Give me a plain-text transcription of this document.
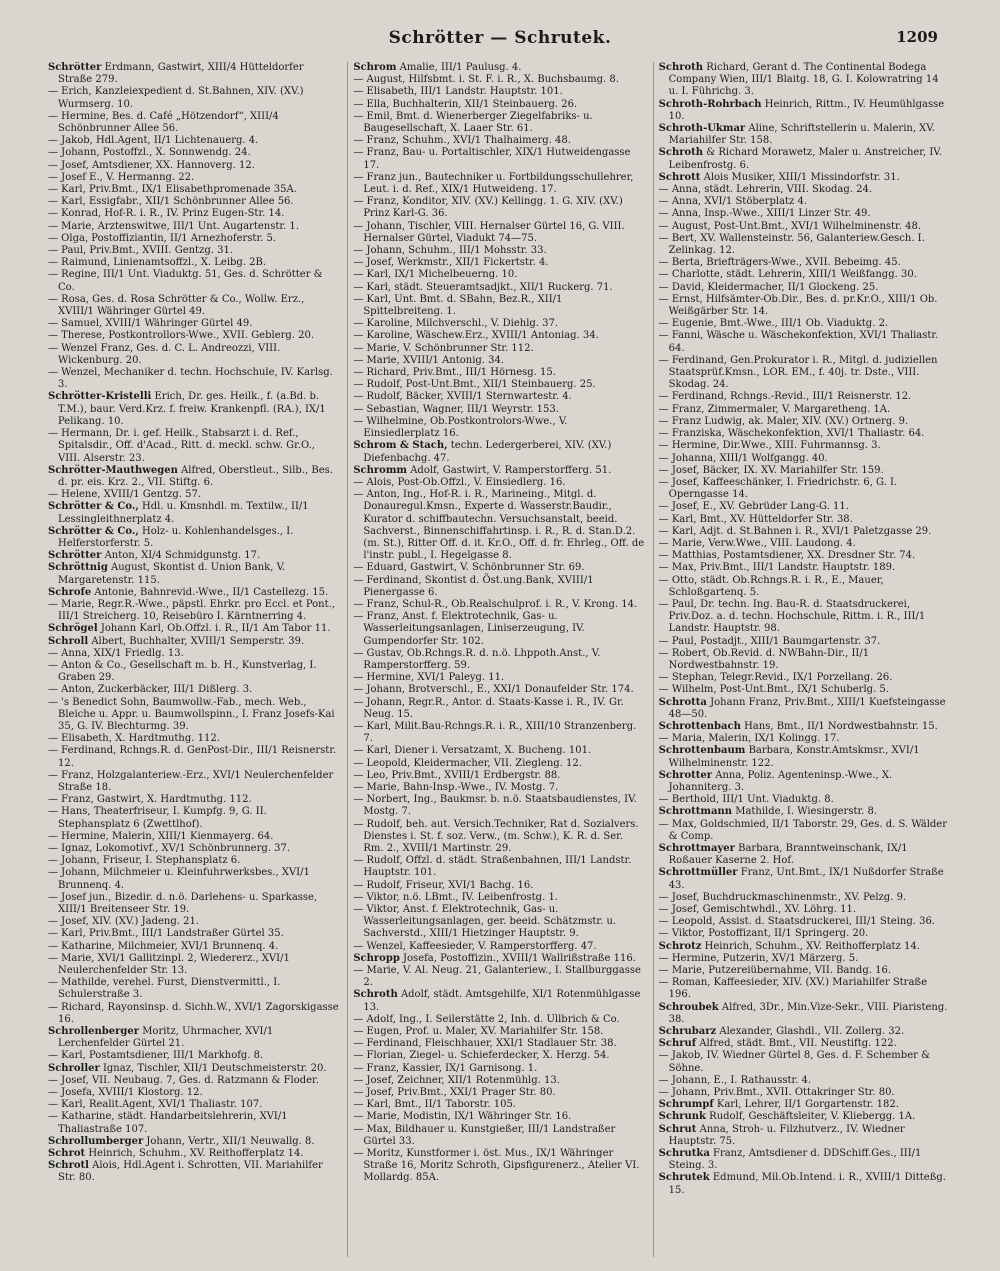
Schrötter — Schrutek.	1209

Schrötter Erdmann, Gastwirt, XIII/4 Hütteldorfer Straße 279.

— Erich, Kanzleiexpedient d. St.Bahnen, XIV. (XV.) Wurmserg. 10.

— Hermine, Bes. d. Café „Hötzendorf“, XIII/4 Schönbrunner Allee 56.

— Jakob, Hdl.Agent, II/1 Lichtenauerg. 4.

— Johann, Postoffzl., X. Sonnwendg. 24.

— Josef, Amtsdiener, XX. Hannoverg. 12.

— Josef E., V. Hermanng. 22.

— Karl, Priv.Bmt., IX/1 Elisabethpromenade 35A.

— Karl, Essigfabr., XII/1 Schönbrunner Allee 56.

— Konrad, Hof-R. i. R., IV. Prinz Eugen-Str. 14.

— Marie, Arztenswitwe, III/1 Unt. Augartenstr. 1.

— Olga, Postoffiziantin, II/1 Arnezhoferstr. 5.

— Paul, Priv.Bmt., XVIII. Gentzg. 31.

— Raimund, Linienamtsoffzl., X. Leibg. 2B.

— Regine, III/1 Unt. Viaduktg. 51, Ges. d. Schrötter & Co.

— Rosa, Ges. d. Rosa Schrötter & Co., Wollw. Erz., XVIII/1 Währinger Gürtel 49.

— Samuel, XVIII/1 Währinger Gürtel 49.

— Therese, Postkontrollors-Wwe., XVII. Geblerg. 20.

— Wenzel Franz, Ges. d. C. L. Andreozzi, VIII. Wickenburg. 20.

— Wenzel, Mechaniker d. techn. Hochschule, IV. Karlsg. 3.

Schrötter-Kristelli Erich, Dr. ges. Heilk., f. (a.Bd. b. T.M.), baur. Verd.Krz. f. freiw. Krankenpfl. (RA.), IX/1 Pelikang. 10.

— Hermann, Dr. i. gef. Heilk., Stabsarzt i. d. Ref., Spitalsdir., Off. d'Acad., Ritt. d. meckl. schw. Gr.O., VIII. Alserstr. 23.

Schrötter-Mauthwegen Alfred, Oberstleut., Silb., Bes. d. pr. eis. Krz. 2., VII. Stiftg. 6.

— Helene, XVIII/1 Gentzg. 57.

Schrötter & Co., Hdl. u. Kmsnhdl. m. Textilw., II/1 Lessingleithnerplatz 4.

Schrötter & Co., Holz- u. Kohlenhandelsges., I. Helferstorferstr. 5.

Schrötter Anton, XI/4 Schmidgunstg. 17.

Schröttnig August, Skontist d. Union Bank, V. Margaretenstr. 115.

Schrofe Antonie, Bahnrevid.-Wwe., II/1 Castellezg. 15.

— Marie, Regr.R.-Wwe., päpstl. Ehrkr. pro Eccl. et Pont., III/1 Streicherg. 10, Reisebüro I. Kärntnerring 4.

Schrögel Johann Karl, Ob.Offzl. i. R., II/1 Am Tabor 11.

Schroll Albert, Buchhalter, XVIII/1 Semperstr. 39.

— Anna, XIX/1 Friedlg. 13.

— Anton & Co., Gesellschaft m. b. H., Kunstverlag, I. Graben 29.

— Anton, Zuckerbäcker, III/1 Dißlerg. 3.

— 's Benedict Sohn, Baumwollw.-Fab., mech. Web., Bleiche u. Appr. u. Baumwollspinn., I. Franz Josefs-Kai 35, G. IV. Blechturmg. 39.

— Elisabeth, X. Hardtmuthg. 112.

— Ferdinand, Rchngs.R. d. GenPost-Dir., III/1 Reisnerstr. 12.

— Franz, Holzgalanteriew.-Erz., XVI/1 Neulerchenfelder Straße 18.

— Franz, Gastwirt, X. Hardtmuthg. 112.

— Hans, Theaterfriseur, I. Kumpfg. 9, G. II. Stephansplatz 6 (Zwettlhof).

— Hermine, Malerin, XIII/1 Kienmayerg. 64.

— Ignaz, Lokomotivf., XV/1 Schönbrunnerg. 37.

— Johann, Friseur, I. Stephansplatz 6.

— Johann, Milchmeier u. Kleinfuhrwerksbes., XVI/1 Brunnenq. 4.

— Josef jun., Bizedir. d. n.ö. Darlehens- u. Sparkasse, XIII/1 Breitenseer Str. 19.

— Josef, XIV. (XV.) Jadeng. 21.

— Karl, Priv.Bmt., III/1 Landstraßer Gürtel 35.

— Katharine, Milchmeier, XVI/1 Brunnenq. 4.

— Marie, XVI/1 Gallitzinpl. 2, Wiedererz., XVI/1 Neulerchenfelder Str. 13.

— Mathilde, verehel. Furst, Dienstvermittl., I. Schulerstraße 3.

— Richard, Rayonsinsp. d. Sichh.W., XVI/1 Zagorskigasse 16.

Schrollenberger Moritz, Uhrmacher, XVI/1 Lerchenfelder Gürtel 21.

— Karl, Postamtsdiener, III/1 Markhofg. 8.

Schroller Ignaz, Tischler, XII/1 Deutschmeisterstr. 20.

— Josef, VII. Neubaug. 7, Ges. d. Ratzmann & Floder.

— Josefa, XVIII/1 Klostorg. 12.

— Karl, Realit.Agent, XVI/1 Thaliastr. 107.

— Katharine, städt. Handarbeitslehrerin, XVI/1 Thaliastraße 107.

Schrollumberger Johann, Vertr., XII/1 Neuwallg. 8.

Schrot Heinrich, Schuhm., XV. Reithofferplatz 14.

Schrotl Alois, Hdl.Agent i. Schrotten, VII. Mariahilfer Str. 80.

Schrom Amalie, III/1 Paulusg. 4.

— August, Hilfsbmt. i. St. F. i. R., X. Buchsbaumg. 8.

— Elisabeth, III/1 Landstr. Hauptstr. 101.

— Ella, Buchhalterin, XII/1 Steinbauerg. 26.

— Emil, Bmt. d. Wienerberger Ziegelfabriks- u. Baugesellschaft, X. Laaer Str. 61.

— Franz, Schuhm., XVI/1 Thalhaimerg. 48.

— Franz, Bau- u. Portaltischler, XIX/1 Hutweidengasse 17.

— Franz jun., Bautechniker u. Fortbildungsschullehrer, Leut. i. d. Ref., XIX/1 Hutweideng. 17.

— Franz, Konditor, XIV. (XV.) Kellingg. 1. G. XIV. (XV.) Prinz Karl-G. 36.

— Johann, Tischler, VIII. Hernalser Gürtel 16, G. VIII. Hernalser Gürtel, Viadukt 74—75.

— Johann, Schuhm., III/1 Mohsstr. 33.

— Josef, Werkmstr., XII/1 Fickertstr. 4.

— Karl, IX/1 Michelbeuerng. 10.

— Karl, städt. Steueramtsadjkt., XII/1 Ruckerg. 71.

— Karl, Unt. Bmt. d. SBahn, Bez.R., XII/1 Spittelbreiteng. 1.

— Karoline, Milchverschl., V. Diehlg. 37.

— Karoline, Wäschew.Erz., XVIII/1 Antoniag. 34.

— Marie, V. Schönbrunner Str. 112.

— Marie, XVIII/1 Antonig. 34.

— Richard, Priv.Bmt., III/1 Hörnesg. 15.

— Rudolf, Post-Unt.Bmt., XII/1 Steinbauerg. 25.

— Rudolf, Bäcker, XVIII/1 Sternwartestr. 4.

— Sebastian, Wagner, III/1 Weyrstr. 153.

— Wilhelmine, Ob.Postkontrolors-Wwe., V. Einsiedlerplatz 16.

Schrom & Stach, techn. Ledergerberei, XIV. (XV.) Diefenbachg. 47.

Schromm Adolf, Gastwirt, V. Ramperstorfferg. 51.

— Alois, Post-Ob.Offzl., V. Einsiedlerg. 16.

— Anton, Ing., Hof-R. i. R., Marineing., Mitgl. d. Donauregul.Kmsn., Experte d. Wasserstr.Baudir., Kurator d. schiffbautechn. Versuchsanstalt, beeid. Sachverst., Binnenschiffahrtinsp. i. R., R. d. Stan.D.2. (m. St.), Ritter Off. d. it. Kr.O., Off. d. fr. Ehrleg., Off. de l'instr. publ., I. Hegelgasse 8.

— Eduard, Gastwirt, V. Schönbrunner Str. 69.

— Ferdinand, Skontist d. Öst.ung.Bank, XVIII/1 Pienergasse 6.

— Franz, Schul-R., Ob.Realschulprof. i. R., V. Krong. 14.

— Franz, Anst. f. Elektrotechnik, Gas- u. Wasserleitungsanlagen, Liniserzeugung, IV. Gumpendorfer Str. 102.

— Gustav, Ob.Rchngs.R. d. n.ö. Lhppoth.Anst., V. Ramperstorfferg. 59.

— Hermine, XVI/1 Paleyg. 11.

— Johann, Brotverschl., E., XXI/1 Donaufelder Str. 174.

— Johann, Regr.R., Antor. d. Staats-Kasse i. R., IV. Gr. Neug. 15.

— Karl, Milit.Bau-Rchngs.R. i. R., XIII/10 Stranzenberg. 7.

— Karl, Diener i. Versatzamt, X. Bucheng. 101.

— Leopold, Kleidermacher, VII. Ziegleng. 12.

— Leo, Priv.Bmt., XVIII/1 Erdbergstr. 88.

— Marie, Bahn-Insp.-Wwe., IV. Mostg. 7.

— Norbert, Ing., Baukmsr. b. n.ö. Staatsbaudienstes, IV. Mostg. 7.

— Rudolf, beh. aut. Versich.Techniker, Rat d. Sozialvers. Dienstes i. St. f. soz. Verw., (m. Schw.), K. R. d. Ser. Rm. 2., XVIII/1 Martinstr. 29.

— Rudolf, Offzl. d. städt. Straßenbahnen, III/1 Landstr. Hauptstr. 101.

— Rudolf, Friseur, XVI/1 Bachg. 16.

— Viktor, n.ö. LBmt., IV. Leibenfrostg. 1.

— Viktor, Anst. f. Elektrotechnik, Gas- u. Wasserleitungsanlagen, ger. beeid. Schätzmstr. u. Sachverstd., XIII/1 Hietzinger Hauptstr. 9.

— Wenzel, Kaffeesieder, V. Ramperstorfferg. 47.

Schropp Josefa, Postoffizin., XVIII/1 Wallrißstraße 116.

— Marie, V. Al. Neug. 21, Galanteriew., I. Stallburggasse 2.

Schroth Adolf, städt. Amtsgehilfe, XI/1 Rotenmühlgasse 13.

— Adolf, Ing., I. Seilerstätte 2, Inh. d. Ullbrich & Co.

— Eugen, Prof. u. Maler, XV. Mariahilfer Str. 158.

— Ferdinand, Fleischhauer, XXI/1 Stadlauer Str. 38.

— Florian, Ziegel- u. Schieferdecker, X. Herzg. 54.

— Franz, Kassier, IX/1 Garnisong. 1.

— Josef, Zeichner, XII/1 Rotenmühlg. 13.

— Josef, Priv.Bmt., XXI/1 Prager Str. 80.

— Karl, Bmt., II/1 Taborstr. 105.

— Marie, Modistin, IX/1 Währinger Str. 16.

— Max, Bildhauer u. Kunstgießer, III/1 Landstraßer Gürtel 33.

— Moritz, Kunstformer i. öst. Mus., IX/1 Währinger Straße 16, Moritz Schroth, Gipsfigurenerz., Atelier VI. Mollardg. 85A.

Schroth Richard, Gerant d. The Continental Bodega Company Wien, III/1 Blaitg. 18, G. I. Kolowratring 14 u. I. Führichg. 3.

Schroth-Rohrbach Heinrich, Rittm., IV. Heumühlgasse 10.

Schroth-Ukmar Aline, Schriftstellerin u. Malerin, XV. Mariahilfer Str. 158.

Schroth & Richard Morawetz, Maler u. Anstreicher, IV. Leibenfrostg. 6.

Schrott Alois Musiker, XIII/1 Missindorfstr. 31.

— Anna, städt. Lehrerin, VIII. Skodag. 24.

— Anna, XVI/1 Stöberplatz 4.

— Anna, Insp.-Wwe., XIII/1 Linzer Str. 49.

— August, Post-Unt.Bmt., XVI/1 Wilhelminenstr. 48.

— Bert, XV. Wallensteinstr. 56, Galanteriew.Gesch. I. Zelinkag. 12.

— Berta, Briefträgers-Wwe., XVII. Bebeimg. 45.

— Charlotte, städt. Lehrerin, XIII/1 Weißfangg. 30.

— David, Kleidermacher, II/1 Glockeng. 25.

— Ernst, Hilfsämter-Ob.Dir., Bes. d. pr.Kr.O., XIII/1 Ob. Weißgärber Str. 14.

— Eugenie, Bmt.-Wwe., III/1 Ob. Viaduktg. 2.

— Fanni, Wäsche u. Wäschekonfektion, XVI/1 Thaliastr. 64.

— Ferdinand, Gen.Prokurator i. R., Mitgl. d. judiziellen Staatsprüf.Kmsn., LOR. EM., f. 40j. tr. Dste., VIII. Skodag. 24.

— Ferdinand, Rchngs.-Revid., III/1 Reisnerstr. 12.

— Franz, Zimmermaler, V. Margaretheng. 1A.

— Franz Ludwig, ak. Maler, XIV. (XV.) Ortnerg. 9.

— Franziska, Wäschekonfektion, XVI/1 Thaliastr. 64.

— Hermine, Dir.Wwe., XIII. Fuhrmannsg. 3.

— Johanna, XIII/1 Wolfgangg. 40.

— Josef, Bäcker, IX. XV. Mariahilfer Str. 159.

— Josef, Kaffeeschänker, I. Friedrichstr. 6, G. I. Operngasse 14.

— Josef, E., XV. Gebrüder Lang-G. 11.

— Karl, Bmt., XV. Hütteldorfer Str. 38.

— Karl, Adjt. d. St.Bahnen i. R., XVI/1 Paletzgasse 29.

— Marie, Verw.Wwe., VIII. Laudong. 4.

— Matthias, Postamtsdiener, XX. Dresdner Str. 74.

— Max, Priv.Bmt., III/1 Landstr. Hauptstr. 189.

— Otto, städt. Ob.Rchngs.R. i. R., E., Mauer, Schloßgartenq. 5.

— Paul, Dr. techn. Ing. Bau-R. d. Staatsdruckerei, Priv.Doz. a. d. techn. Hochschule, Rittm. i. R., III/1 Landstr. Hauptstr. 98.

— Paul, Postadjt., XIII/1 Baumgartenstr. 37.

— Robert, Ob.Revid. d. NWBahn-Dir., II/1 Nordwestbahnstr. 19.

— Stephan, Telegr.Revid., IX/1 Porzellang. 26.

— Wilhelm, Post-Unt.Bmt., IX/1 Schuberlg. 5.

Schrotta Johann Franz, Priv.Bmt., XIII/1 Kuefsteingasse 48—50.

Schrottenbach Hans, Bmt., II/1 Nordwestbahnstr. 15.

— Maria, Malerin, IX/1 Kolingg. 17.

Schrottenbaum Barbara, Konstr.Amtskmsr., XVI/1 Wilhelminenstr. 122.

Schrotter Anna, Poliz. Agenteninsp.-Wwe., X. Johanniterg. 3.

— Berthold, III/1 Unt. Viaduktg. 8.

Schrottmann Mathilde, I. Wiesingerstr. 8.

— Max, Goldschmied, II/1 Taborstr. 29, Ges. d. S. Wälder & Comp.

Schrottmayer Barbara, Branntweinschank, IX/1 Roßauer Kaserne 2. Hof.

Schrottmüller Franz, Unt.Bmt., IX/1 Nußdorfer Straße 43.

— Josef, Buchdruckmaschinenmstr., XV. Pelzg. 9.

— Josef, Gemischtwhdl., XV. Löhrg. 11.

— Leopold, Assist. d. Staatsdruckerei, III/1 Steing. 36.

— Viktor, Postoffizant, II/1 Springerg. 20.

Schrotz Heinrich, Schuhm., XV. Reithofferplatz 14.

— Hermine, Putzerin, XV/1 Märzerg. 5.

— Marie, Putzereiübernahme, VII. Bandg. 16.

— Roman, Kaffeesieder, XIV. (XV.) Mariahilfer Straße 196.

Schroubek Alfred, 3Dr., Min.Vize-Sekr., VIII. Piaristeng. 38.

Schrubarz Alexander, Glashdl., VII. Zollerg. 32.

Schruf Alfred, städt. Bmt., VII. Neustiftg. 122.

— Jakob, IV. Wiedner Gürtel 8, Ges. d. F. Schember & Söhne.

— Johann, E., I. Rathausstr. 4.

— Johann, Priv.Bmt., XVII. Ottakringer Str. 80.

Schrumpf Karl, Lehrer, II/1 Gorgartenstr. 182.

Schrunk Rudolf, Geschäftsleiter, V. Kliebergg. 1A.

Schrut Anna, Stroh- u. Filzhutverz., IV. Wiedner Hauptstr. 75.

Schrutka Franz, Amtsdiener d. DDSchiff.Ges., III/1 Steing. 3.

Schrutek Edmund, Mil.Ob.Intend. i. R., XVIII/1 Ditteßg. 15.
